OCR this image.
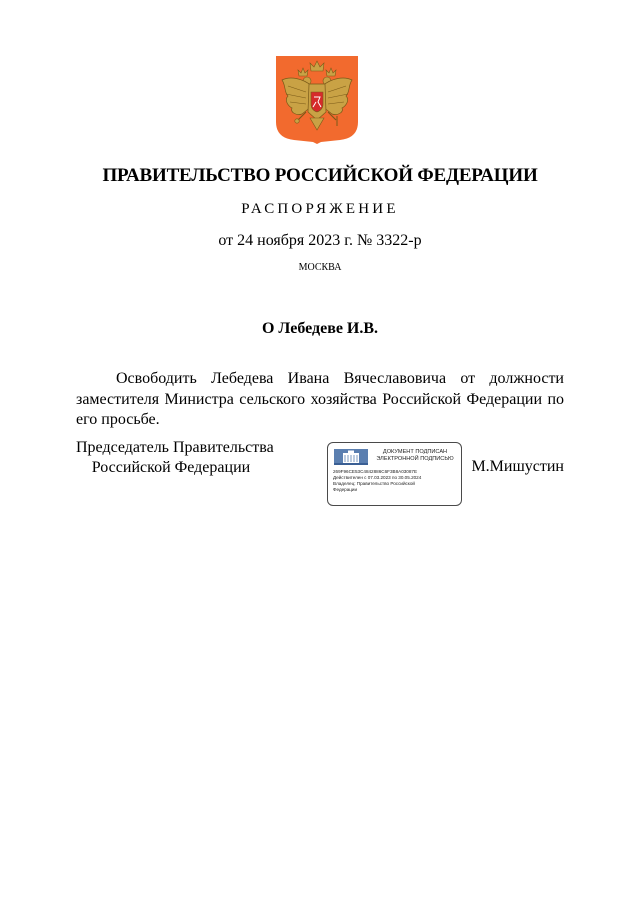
ПРАВИТЕЛЬСТВО РОССИЙСКОЙ ФЕДЕРАЦИИ
РАСПОРЯЖЕНИЕ
от 24 ноября 2023 г. № 3322-р
МОСКВА
О Лебедеве И.В.

Освободить Лебедева Ивана Вячеславовича от должности заместителя Министра сельского хозяйства Российской Федерации по его просьбе.

Председатель Правительства
Российской Федерации
ДОКУМЕНТ ПОДПИСАН
ЭЛЕКТРОННОЙ ПОДПИСЬЮ
269F96CE53C4842886C6F3B8A03087E
Действителен с 07.03.2023 по 30.05.2024
Владелец: Правительство Российской
Федерации
М.Мишустин
